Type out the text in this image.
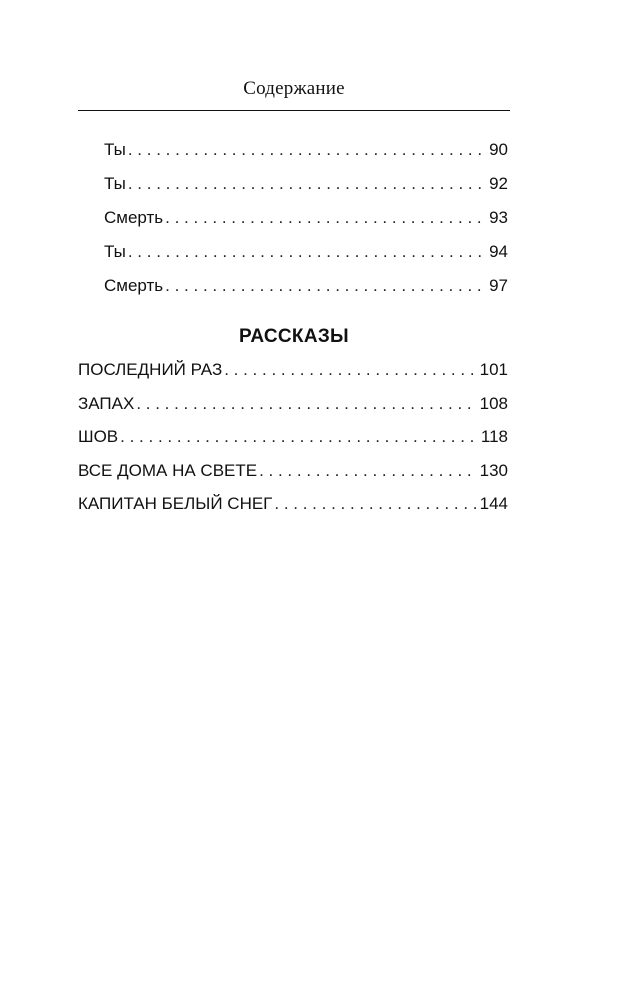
Содержание
Ты . . .	90
Ты . . .	92
Смерть . . .	93
Ты . . .	94
Смерть . . .	97
РАССКАЗЫ
ПОСЛЕДНИЙ РАЗ . . .	101
ЗАПАХ . . .	108
ШОВ . . .	118
ВСЕ ДОМА НА СВЕТЕ . . .	130
КАПИТАН БЕЛЫЙ СНЕГ . . .	144
